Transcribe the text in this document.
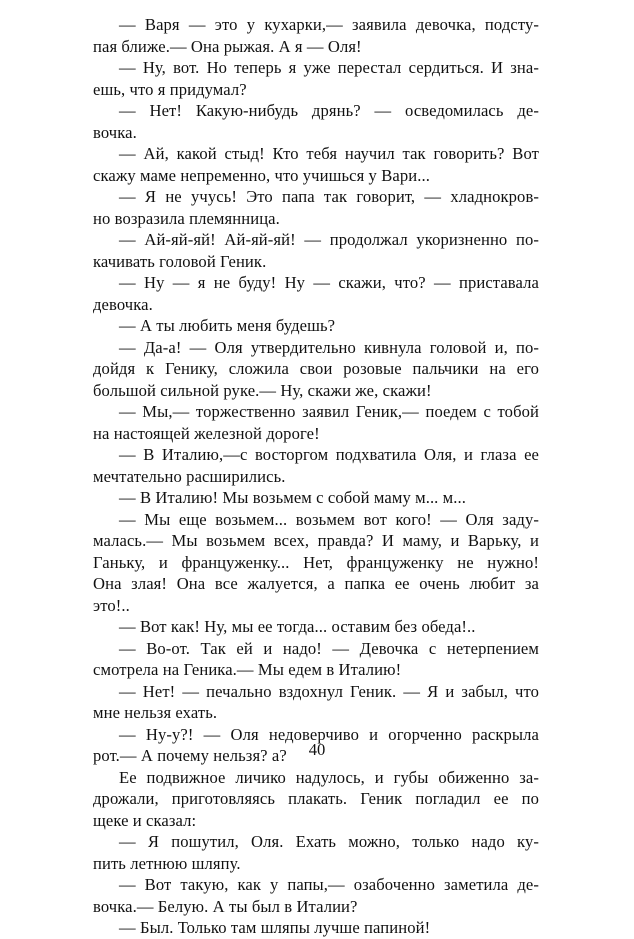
— Варя — это у кухарки,— заявила девочка, подсту-
пая ближе.— Она рыжая. А я — Оля!
— Ну, вот. Но теперь я уже перестал сердиться. И зна-
ешь, что я придумал?
— Нет! Какую-нибудь дрянь? — осведомилась де-
вочка.
— Ай, какой стыд! Кто тебя научил так говорить? Вот
скажу маме непременно, что учишься у Вари...
— Я не учусь! Это папа так говорит, — хладнокров-
но возразила племянница.
— Ай-яй-яй! Ай-яй-яй! — продолжал укоризненно по-
качивать головой Геник.
— Ну — я не буду! Ну — скажи, что? — приставала
девочка.
— А ты любить меня будешь?
— Да-а! — Оля утвердительно кивнула головой и, по-
дойдя к Генику, сложила свои розовые пальчики на его
большой сильной руке.— Ну, скажи же, скажи!
— Мы,— торжественно заявил Геник,— поедем с тобой
на настоящей железной дороге!
— В Италию,—с восторгом подхватила Оля, и глаза ее
мечтательно расширились.
— В Италию! Мы возьмем с собой маму м... м...
— Мы еще возьмем... возьмем вот кого! — Оля заду-
малась.— Мы возьмем всех, правда? И маму, и Варьку, и
Ганьку, и француженку... Нет, француженку не нужно!
Она злая! Она все жалуется, а папка ее очень любит за
это!..
— Вот как! Ну, мы ее тогда... оставим без обеда!..
— Во-от. Так ей и надо! — Девочка с нетерпением
смотрела на Геника.— Мы едем в Италию!
— Нет! — печально вздохнул Геник. — Я и забыл, что
мне нельзя ехать.
— Ну-у?! — Оля недоверчиво и огорченно раскрыла
рот.— А почему нельзя? а?
Ее подвижное личико надулось, и губы обиженно за-
дрожали, приготовляясь плакать. Геник погладил ее по
щеке и сказал:
— Я пошутил, Оля. Ехать можно, только надо ку-
пить летнюю шляпу.
— Вот такую, как у папы,— озабоченно заметила де-
вочка.— Белую. А ты был в Италии?
— Был. Только там шляпы лучше папиной!
40
